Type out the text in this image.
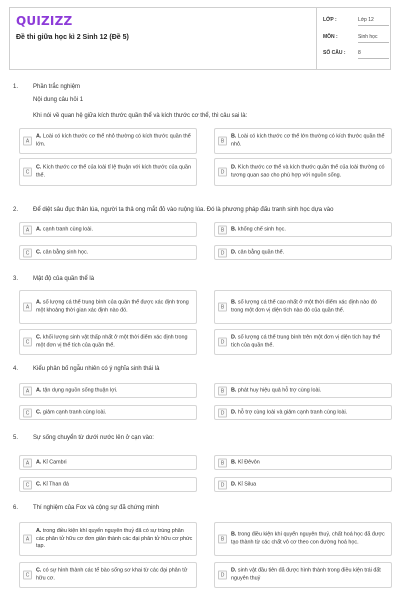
QUIZIZZ
Đề thi giữa học kì 2 Sinh 12 (Đề 5)
LỚP :	Lớp 12
MÔN :	Sinh học
SỐ CÂU :	8
1. Phần trắc nghiệm
Nội dung câu hỏi 1
Khi nói về quan hệ giữa kích thước quần thể và kích thước cơ thể, thì câu sai là:
A
A. Loài có kích thước cơ thể nhỏ thường có kích thước quần thể lớn.	B
B. Loài có kích thước cơ thể lớn thường có kích thước quần thể nhỏ.
C
C. Kích thước cơ thể của loài tỉ lệ thuận với kích thước của quần thể.	D
D. Kích thước cơ thể và kích thước quần thể của loài thường có tương quan sao cho phù hợp với nguồn sống.
2. Để diệt sâu đục thân lúa, người ta thả ong mắt đỏ vào ruộng lúa. Đó là phương pháp đấu tranh sinh học dựa vào
A	A. cạnh tranh cùng loài.	B	B. khống chế sinh học.
C	C. cân bằng sinh học.	D	D. cân bằng quần thể.
3. Mật độ của quần thể là
A
A. số lượng cá thể trung bình của quần thể được xác định trong một khoảng thời gian xác định nào đó.	B
B. số lượng cá thể cao nhất ở một thời điểm xác định nào đó trong một đơn vị diện tích nào đó của quần thể.
C
C. khối lượng sinh vật thấp nhất ở một thời điểm xác định trong một đơn vị thể tích của quần thể.	D
D. số lượng cá thể trung bình trên một đơn vị diện tích hay thể tích của quần thể.
4. Kiểu phân bố ngẫu nhiên có ý nghĩa sinh thái là
A	A. tận dụng nguồn sống thuận lợi.	B	B. phát huy hiệu quả hỗ trợ cùng loài.
C	C. giảm cạnh tranh cùng loài.	D	D. hỗ trợ cùng loài và giảm cạnh tranh cùng loài.
5. Sự sống chuyển từ dưới nước lên ở cạn vào:
A	A. Kỉ Cambri	B	B. Kỉ Đêvôn
C	C. Kỉ Than đá	D	D. Kỉ Silua
6. Thí nghiệm của Fox và cộng sự đã chứng minh
A
A. trong điều kiện khí quyển nguyên thuỷ đã có sự trùng phân các phân tử hữu cơ đơn giản thành các đại phân tử hữu cơ phức tạp.
B
B. trong điều kiện khí quyển nguyên thuỷ, chất hoá học đã được tạo thành từ các chất vô cơ theo con đường hoá học.
C
C. có sự hình thành các tế bào sống sơ khai từ các đại phân tử hữu cơ.	D
D. sinh vật đầu tiên đã được hình thành trong điều kiện trái đất nguyên thuỷ
